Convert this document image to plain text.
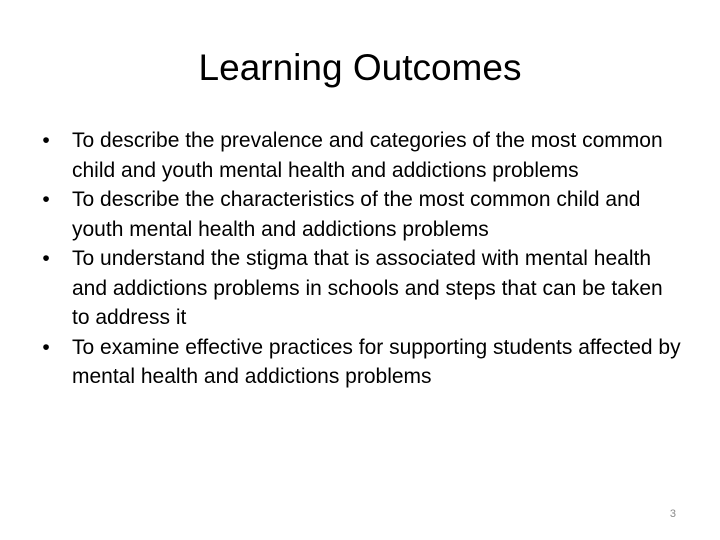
Learning Outcomes
•	To describe the prevalence and categories of the most common child and youth mental health and addictions problems
•	To describe the characteristics of the most common child and youth mental health and addictions problems
•	To understand the stigma that is associated with mental health and addictions problems in schools and steps that can be taken to address it
•	To examine effective practices for supporting students affected by mental health and addictions problems
3
